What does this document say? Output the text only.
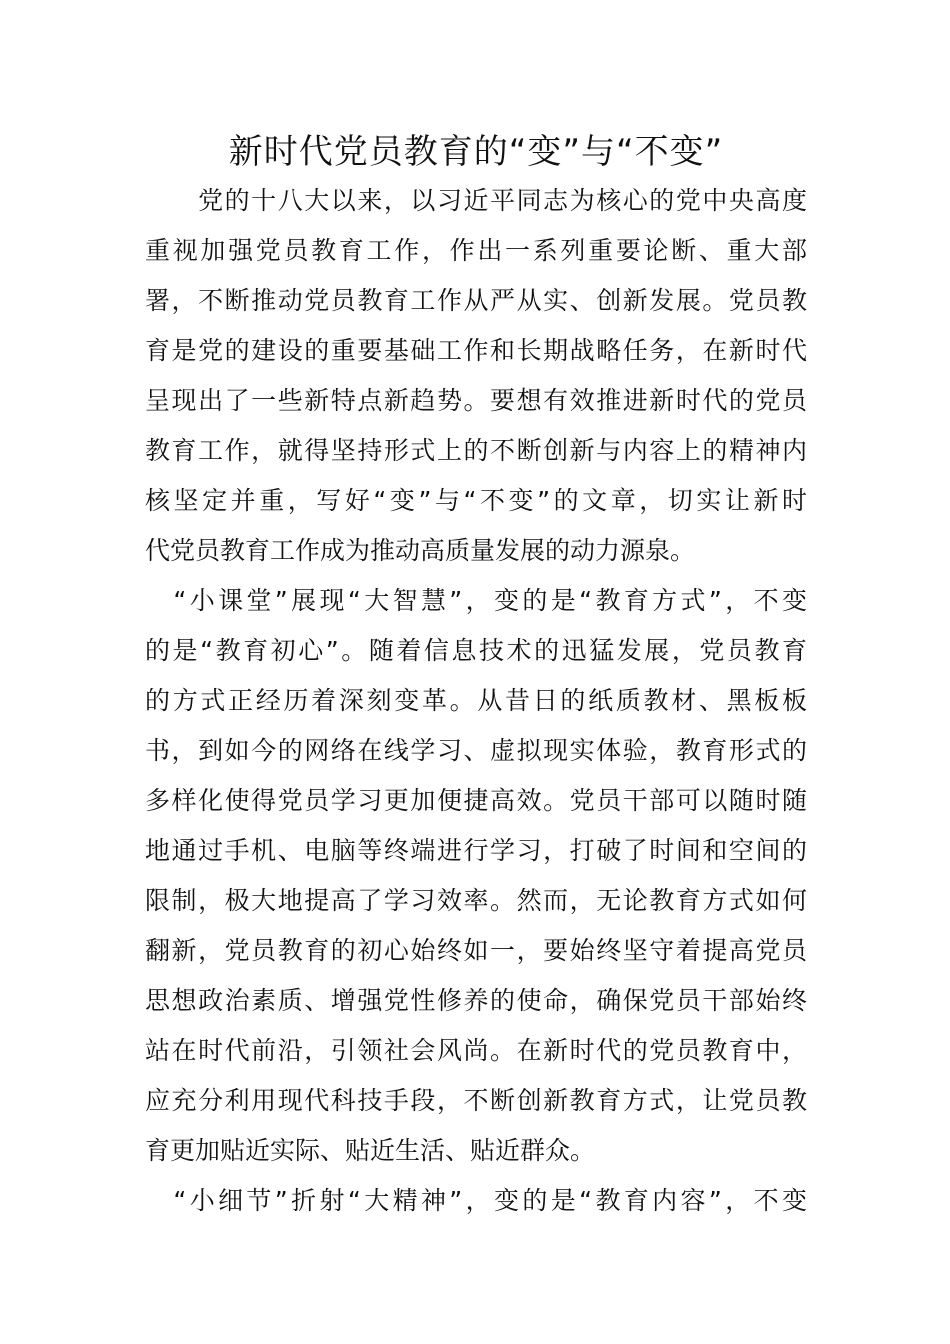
新时代党员教育的“变”与“不变”
　　党的十八大以来，以习近平同志为核心的党中央高度
重视加强党员教育工作，作出一系列重要论断、重大部
署，不断推动党员教育工作从严从实、创新发展。党员教
育是党的建设的重要基础工作和长期战略任务，在新时代
呈现出了一些新特点新趋势。要想有效推进新时代的党员
教育工作，就得坚持形式上的不断创新与内容上的精神内
核坚定并重，写好“变”与“不变”的文章，切实让新时
代党员教育工作成为推动高质量发展的动力源泉。
　“小课堂”展现“大智慧”，变的是“教育方式”，不变
的是“教育初心”。随着信息技术的迅猛发展，党员教育
的方式正经历着深刻变革。从昔日的纸质教材、黑板板
书，到如今的网络在线学习、虚拟现实体验，教育形式的
多样化使得党员学习更加便捷高效。党员干部可以随时随
地通过手机、电脑等终端进行学习，打破了时间和空间的
限制，极大地提高了学习效率。然而，无论教育方式如何
翻新，党员教育的初心始终如一，要始终坚守着提高党员
思想政治素质、增强党性修养的使命，确保党员干部始终
站在时代前沿，引领社会风尚。在新时代的党员教育中，
应充分利用现代科技手段，不断创新教育方式，让党员教
育更加贴近实际、贴近生活、贴近群众。
　“小细节”折射“大精神”，变的是“教育内容”，不变
